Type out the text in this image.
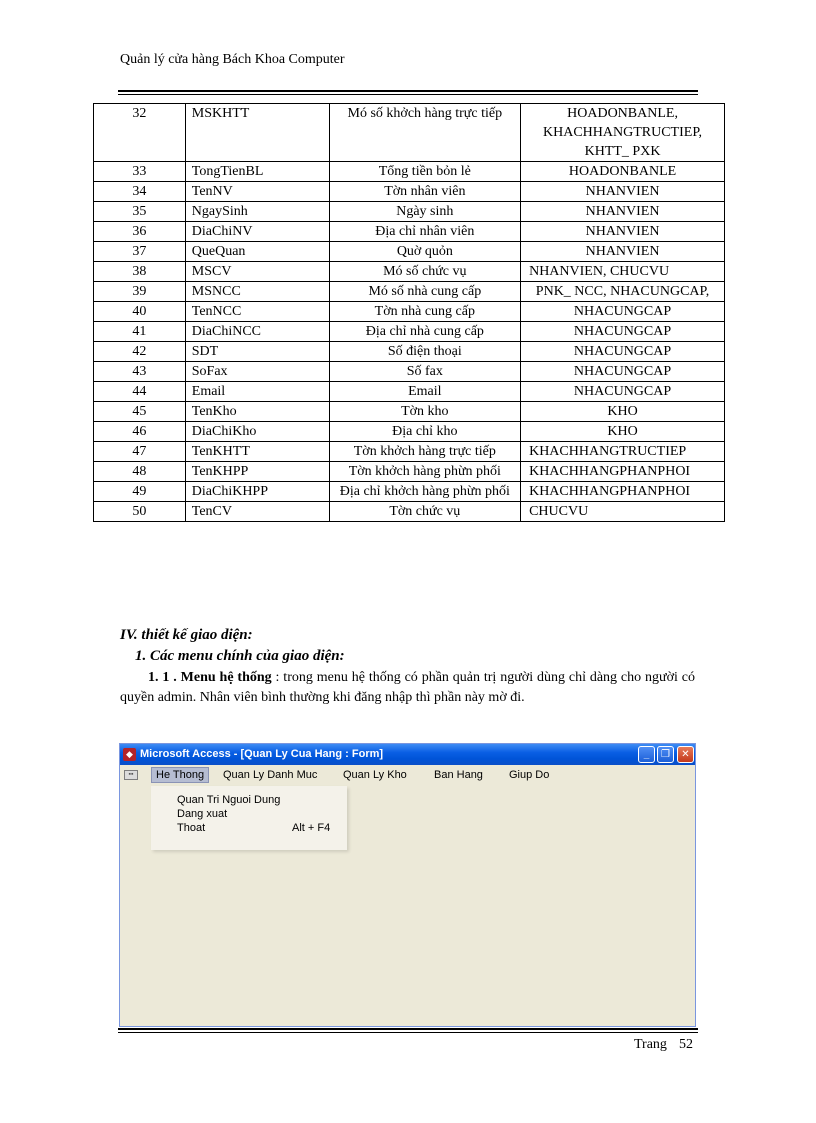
Quản lý cửa hàng Bách Khoa Computer
32	MSKHTT	Mó số khởch hàng trực tiếp	HOADONBANLE, KHACHHANGTRUCTIEP, KHTT_ PXK
33	TongTienBL	Tổng tiền bỏn lẻ	HOADONBANLE
34	TenNV	Tờn nhân viên	NHANVIEN
35	NgaySinh	Ngày sinh	NHANVIEN
36	DiaChiNV	Địa chỉ nhân viên	NHANVIEN
37	QueQuan	Quờ quỏn	NHANVIEN
38	MSCV	Mó số chức vụ	NHANVIEN, CHUCVU
39	MSNCC	Mó số nhà cung cấp	PNK_ NCC, NHACUNGCAP,
40	TenNCC	Tờn nhà cung cấp	NHACUNGCAP
41	DiaChiNCC	Địa chỉ nhà cung cấp	NHACUNGCAP
42	SDT	Số điện thoại	NHACUNGCAP
43	SoFax	Số fax	NHACUNGCAP
44	Email	Email	NHACUNGCAP
45	TenKho	Tờn kho	KHO
46	DiaChiKho	Địa chỉ kho	KHO
47	TenKHTT	Tờn khởch hàng trực tiếp	KHACHHANGTRUCTIEP
48	TenKHPP	Tờn khởch hàng phừn phối	KHACHHANGPHANPHOI
49	DiaChiKHPP	Địa chỉ khởch hàng phừn phối	KHACHHANGPHANPHOI
50	TenCV	Tờn chức vụ	CHUCVU
IV. thiết kế giao diện:
1. Các menu chính của giao diện:
1. 1 . Menu hệ thống : trong menu hệ thống có phần quản trị người dùng chỉ dàng cho người có quyền admin. Nhân viên bình thường khi đăng nhập thì phần này mờ đi.
◆ Microsoft Access - [Quan Ly Cua Hang : Form]	_	❐	✕
▪▪	He Thong	Quan Ly Danh Muc	Quan Ly Kho	Ban Hang	Giup Do
Quan Tri Nguoi Dung
Dang xuat
Thoat	Alt + F4
Trang 52
